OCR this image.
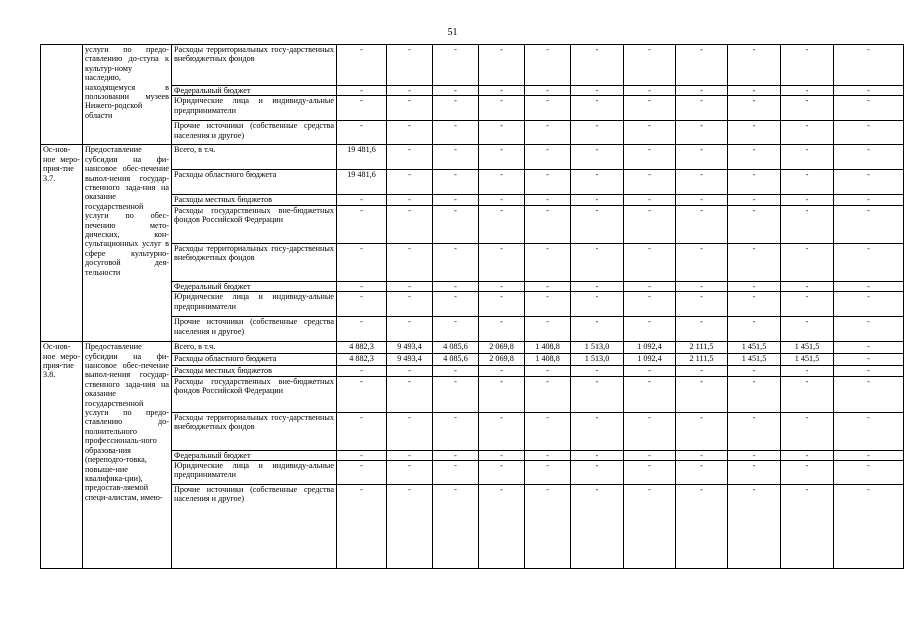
51
	услуги по предо-ставлению до-ступа к культур-ному наследию, находящемуся в пользовании музеев Нижего-родской области	Расходы территориальных госу-дарственных внебюджетных фондов	-	-	-	-	-	-	-	-	-	-	-
		Федеральный бюджет	-	-	-	-	-	-	-	-	-	-	-
		Юридические лица и индивиду-альные предприниматели	-	-	-	-	-	-	-	-	-	-	-
		Прочие источники (собственные средства населения и другое)	-	-	-	-	-	-	-	-	-	-	-
Ос-нов-ное меро-прия-тие 3.7.	Предоставление субсидии на фи-нансовое обес-печение выпол-нения государ-ственного зада-ния на оказание государственной услуги по обес-печению мето-дических, кон-сультационных услуг в сфере культурно-досуговой дея-тельности	Всего, в т.ч.	19 481,6	-	-	-	-	-	-	-	-	-	-
		Расходы областного бюджета	19 481,6	-	-	-	-	-	-	-	-	-	-
		Расходы местных бюджетов	-	-	-	-	-	-	-	-	-	-	-
		Расходы государственных вне-бюджетных фондов Российской Федерации	-	-	-	-	-	-	-	-	-	-	-
		Расходы территориальных госу-дарственных внебюджетных фондов	-	-	-	-	-	-	-	-	-	-	-
		Федеральный бюджет	-	-	-	-	-	-	-	-	-	-	-
		Юридические лица и индивиду-альные предприниматели	-	-	-	-	-	-	-	-	-	-	-
		Прочие источники (собственные средства населения и другое)	-	-	-	-	-	-	-	-	-	-	-
Ос-нов-ное меро-прия-тие 3.8.	Предоставление субсидии на фи-нансовое обес-печение выпол-нения государ-ственного зада-ния на оказание государственной услуги по предо-ставлению до-полнительного профессиональ-ного образова-ния (переподго-товка, повыше-ние квалифика-ции), предостав-ляемой специ-алистам, имею-	Всего, в т.ч.	4 882,3	9 493,4	4 085,6	2 069,8	1 408,8	1 513,0	1 092,4	2 111,5	1 451,5	1 451,5	-
		Расходы областного бюджета	4 882,3	9 493,4	4 085,6	2 069,8	1 408,8	1 513,0	1 092,4	2 111,5	1 451,5	1 451,5	-
		Расходы местных бюджетов	-	-	-	-	-	-	-	-	-	-	-
		Расходы государственных вне-бюджетных фондов Российской Федерации	-	-	-	-	-	-	-	-	-	-	-
		Расходы территориальных госу-дарственных внебюджетных фондов	-	-	-	-	-	-	-	-	-	-	-
		Федеральный бюджет	-	-	-	-	-	-	-	-	-	-	-
		Юридические лица и индивиду-альные предприниматели	-	-	-	-	-	-	-	-	-	-	-
		Прочие источники (собственные средства населения и другое)	-	-	-	-	-	-	-	-	-	-	-
